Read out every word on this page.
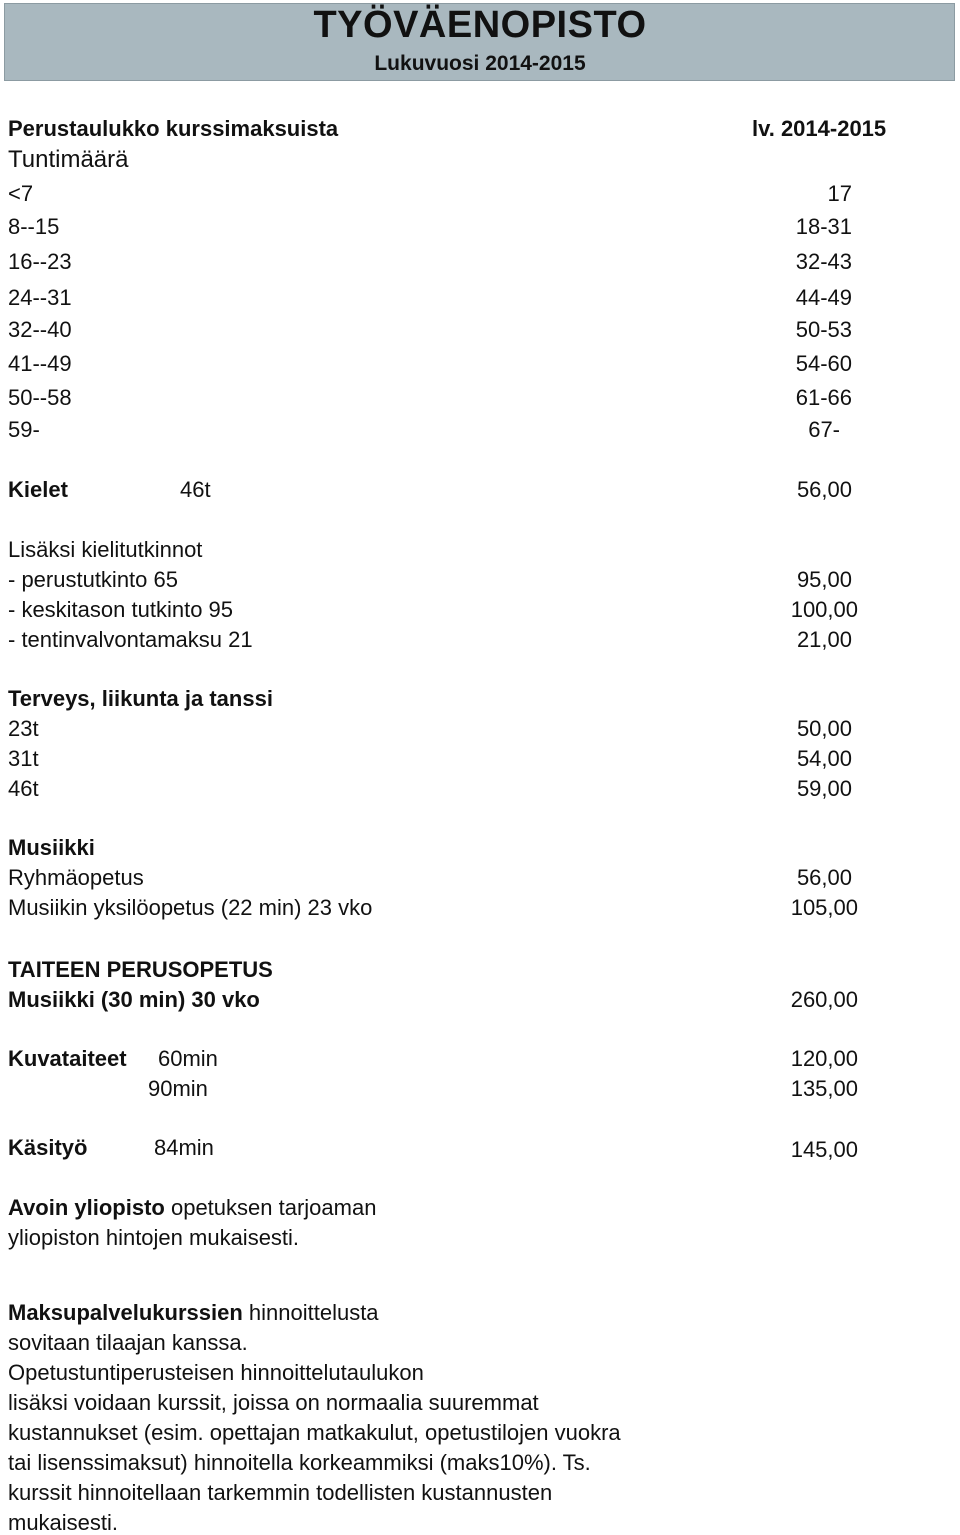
TYÖVÄENOPISTO
Lukuvuosi 2014-2015
Perustaulukko kurssimaksuista	lv. 2014-2015
Tuntimäärä
<7	17
8--15	18-31
16--23	32-43
24--31	44-49
32--40	50-53
41--49	54-60
50--58	61-66
59-	67-
Kielet	46t	56,00
Lisäksi kielitutkinnot
- perustutkinto 65	95,00
- keskitason tutkinto 95	100,00
- tentinvalvontamaksu 21	21,00
Terveys, liikunta ja tanssi
23t	50,00
31t	54,00
46t	59,00
Musiikki
Ryhmäopetus	56,00
Musiikin yksilöopetus (22 min) 23 vko	105,00
TAITEEN PERUSOPETUS
Musiikki (30 min) 30 vko	260,00
Kuvataiteet 60min	120,00
90min	135,00
Käsityö	84min	145,00
Avoin yliopisto opetuksen tarjoaman
yliopiston hintojen mukaisesti.
Maksupalvelukurssien hinnoittelusta
sovitaan tilaajan kanssa.
Opetustuntiperusteisen hinnoittelutaulukon
lisäksi voidaan kurssit, joissa on normaalia suuremmat
kustannukset (esim. opettajan matkakulut, opetustilojen vuokra
tai lisenssimaksut) hinnoitella korkeammiksi (maks10%). Ts.
kurssit hinnoitellaan tarkemmin todellisten kustannusten
mukaisesti.
